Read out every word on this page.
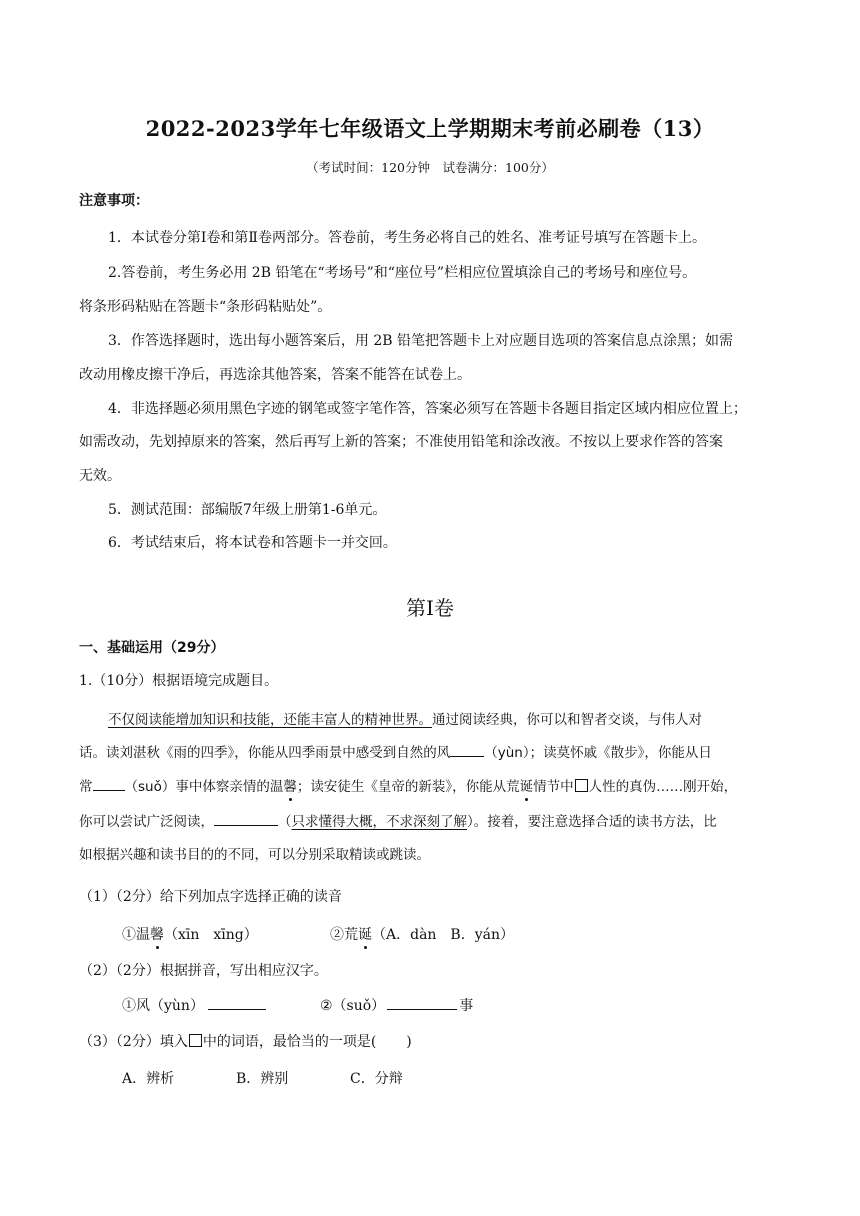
2022-2023学年七年级语文上学期期末考前必刷卷（13）
（考试时间：120分钟　试卷满分：100分）
注意事项：
1．本试卷分第Ⅰ卷和第Ⅱ卷两部分。答卷前，考生务必将自己的姓名、准考证号填写在答题卡上。
2.答卷前，考生务必用 2B 铅笔在“考场号”和“座位号”栏相应位置填涂自己的考场号和座位号。
将条形码粘贴在答题卡“条形码粘贴处”。
3．作答选择题时，选出每小题答案后，用 2B 铅笔把答题卡上对应题目选项的答案信息点涂黑；如需
改动用橡皮擦干净后，再选涂其他答案，答案不能答在试卷上。
4．非选择题必须用黑色字迹的钢笔或签字笔作答，答案必须写在答题卡各题目指定区域内相应位置上；
如需改动，先划掉原来的答案，然后再写上新的答案；不准使用铅笔和涂改液。不按以上要求作答的答案
无效。
5．测试范围：部编版7年级上册第1-6单元。
6．考试结束后，将本试卷和答题卡一并交回。
第Ⅰ卷
一、基础运用（29分）
1.（10分）根据语境完成题目。
不仅阅读能增加知识和技能，还能丰富人的精神世界。通过阅读经典，你可以和智者交谈，与伟人对
话。读刘湛秋《雨的四季》，你能从四季雨景中感受到自然的风	（yùn）；读莫怀戚《散步》，你能从日
常 （suǒ）事中体察亲情的温馨；读安徒生《皇帝的新装》，你能从荒诞情节中 人性的真伪……刚开始，
你可以尝试广泛阅读，	（只求懂得大概，不求深刻了解）。接着，要注意选择合适的读书方法，比
如根据兴趣和读书目的的不同，可以分别采取精读或跳读。
（1）（2分）给下列加点字选择正确的读音
①温馨（xīn　xīng）	②荒诞（A．dàn　B．yán）
（2）（2分）根据拼音，写出相应汉字。
①风（yùn）	②（suǒ）	事
（3）（2分）填入 中的词语，最恰当的一项是( )
A．辨析	B．辨别	C．分辩
